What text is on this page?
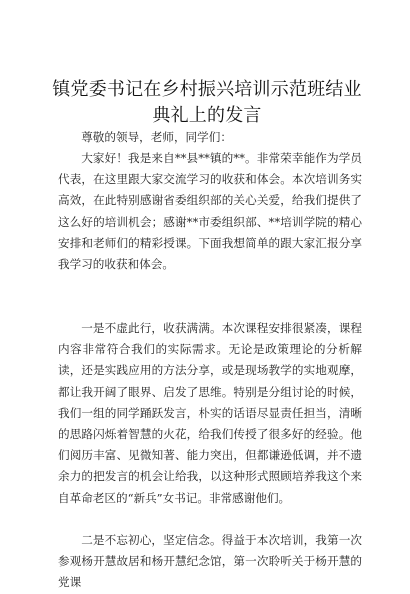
镇党委书记在乡村振兴培训示范班结业典礼上的发言
尊敬的领导，老师，同学们：
大家好！我是来自**县**镇的**。非常荣幸能作为学员代表，在这里跟大家交流学习的收获和体会。本次培训务实高效，在此特别感谢省委组织部的关心关爱，给我们提供了这么好的培训机会；感谢**市委组织部、**培训学院的精心安排和老师们的精彩授课。下面我想简单的跟大家汇报分享我学习的收获和体会。
一是不虚此行，收获满满。本次课程安排很紧凑，课程内容非常符合我们的实际需求。无论是政策理论的分析解读，还是实践应用的方法分享，或是现场教学的实地观摩，都让我开阔了眼界、启发了思维。特别是分组讨论的时候，我们一组的同学踊跃发言，朴实的话语尽显责任担当，清晰的思路闪烁着智慧的火花，给我们传授了很多好的经验。他们阅历丰富、见微知著、能力突出，但都谦逊低调，并不遗余力的把发言的机会让给我，以这种形式照顾培养我这个来自革命老区的“新兵”女书记。非常感谢他们。
二是不忘初心，坚定信念。得益于本次培训，我第一次参观杨开慧故居和杨开慧纪念馆，第一次聆听关于杨开慧的党课
